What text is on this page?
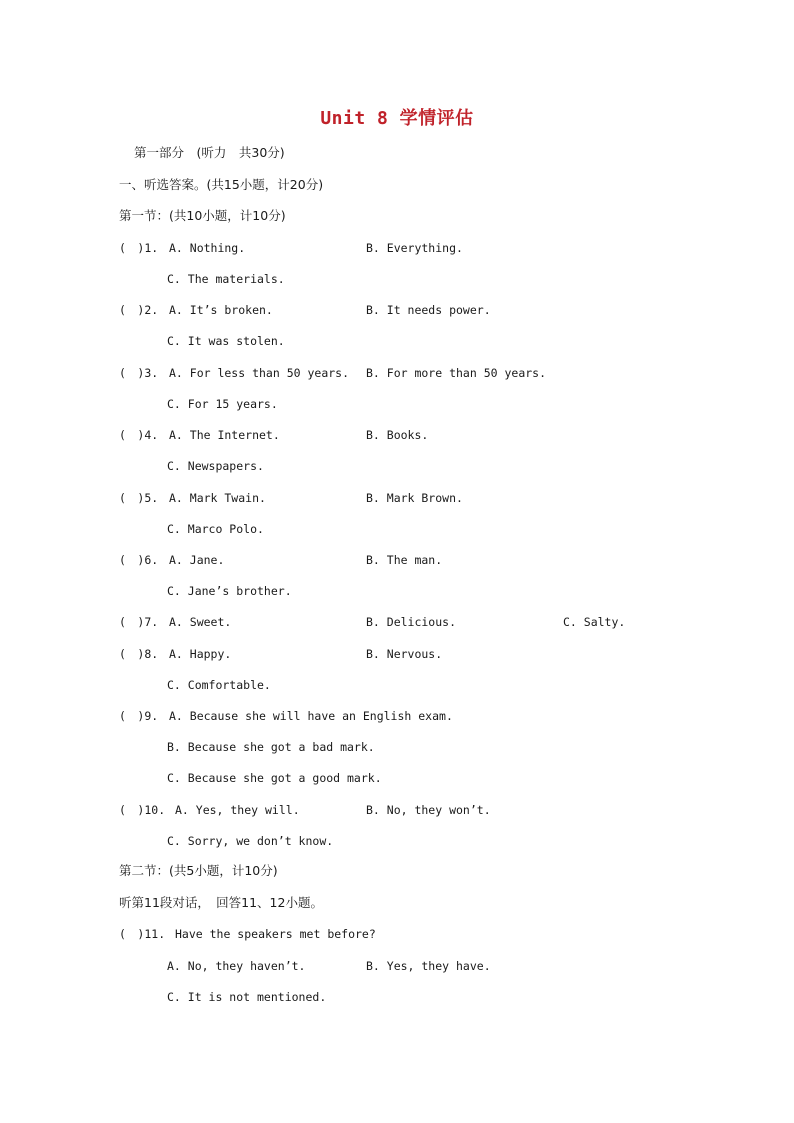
Unit 8 学情评估
第一部分　(听力　共30分)
一、听选答案。(共15小题，计20分)
第一节：(共10小题，计10分)
(　)1. A. Nothing.	B. Everything.
C. The materials.
(　)2. A. It’s broken.	B. It needs power.
C. It was stolen.
(　)3. A. For less than 50 years. B. For more than 50 years.
C. For 15 years.
(　)4. A. The Internet.	B. Books.
C. Newspapers.
(　)5. A. Mark Twain.	B. Mark Brown.
C. Marco Polo.
(　)6. A. Jane.	B. The man.
C. Jane’s brother.
(　)7. A. Sweet.	B. Delicious.	C. Salty.
(　)8. A. Happy.	B. Nervous.
C. Comfortable.
(　)9. A. Because she will have an English exam.
B. Because she got a bad mark.
C. Because she got a good mark.
(　)10. A. Yes, they will.	B. No, they won’t.
C. Sorry, we don’t know.
第二节：(共5小题，计10分)
听第11段对话，　回答11、12小题。
(　)11. Have the speakers met before?
A. No, they haven’t.	B. Yes, they have.
C. It is not mentioned.
